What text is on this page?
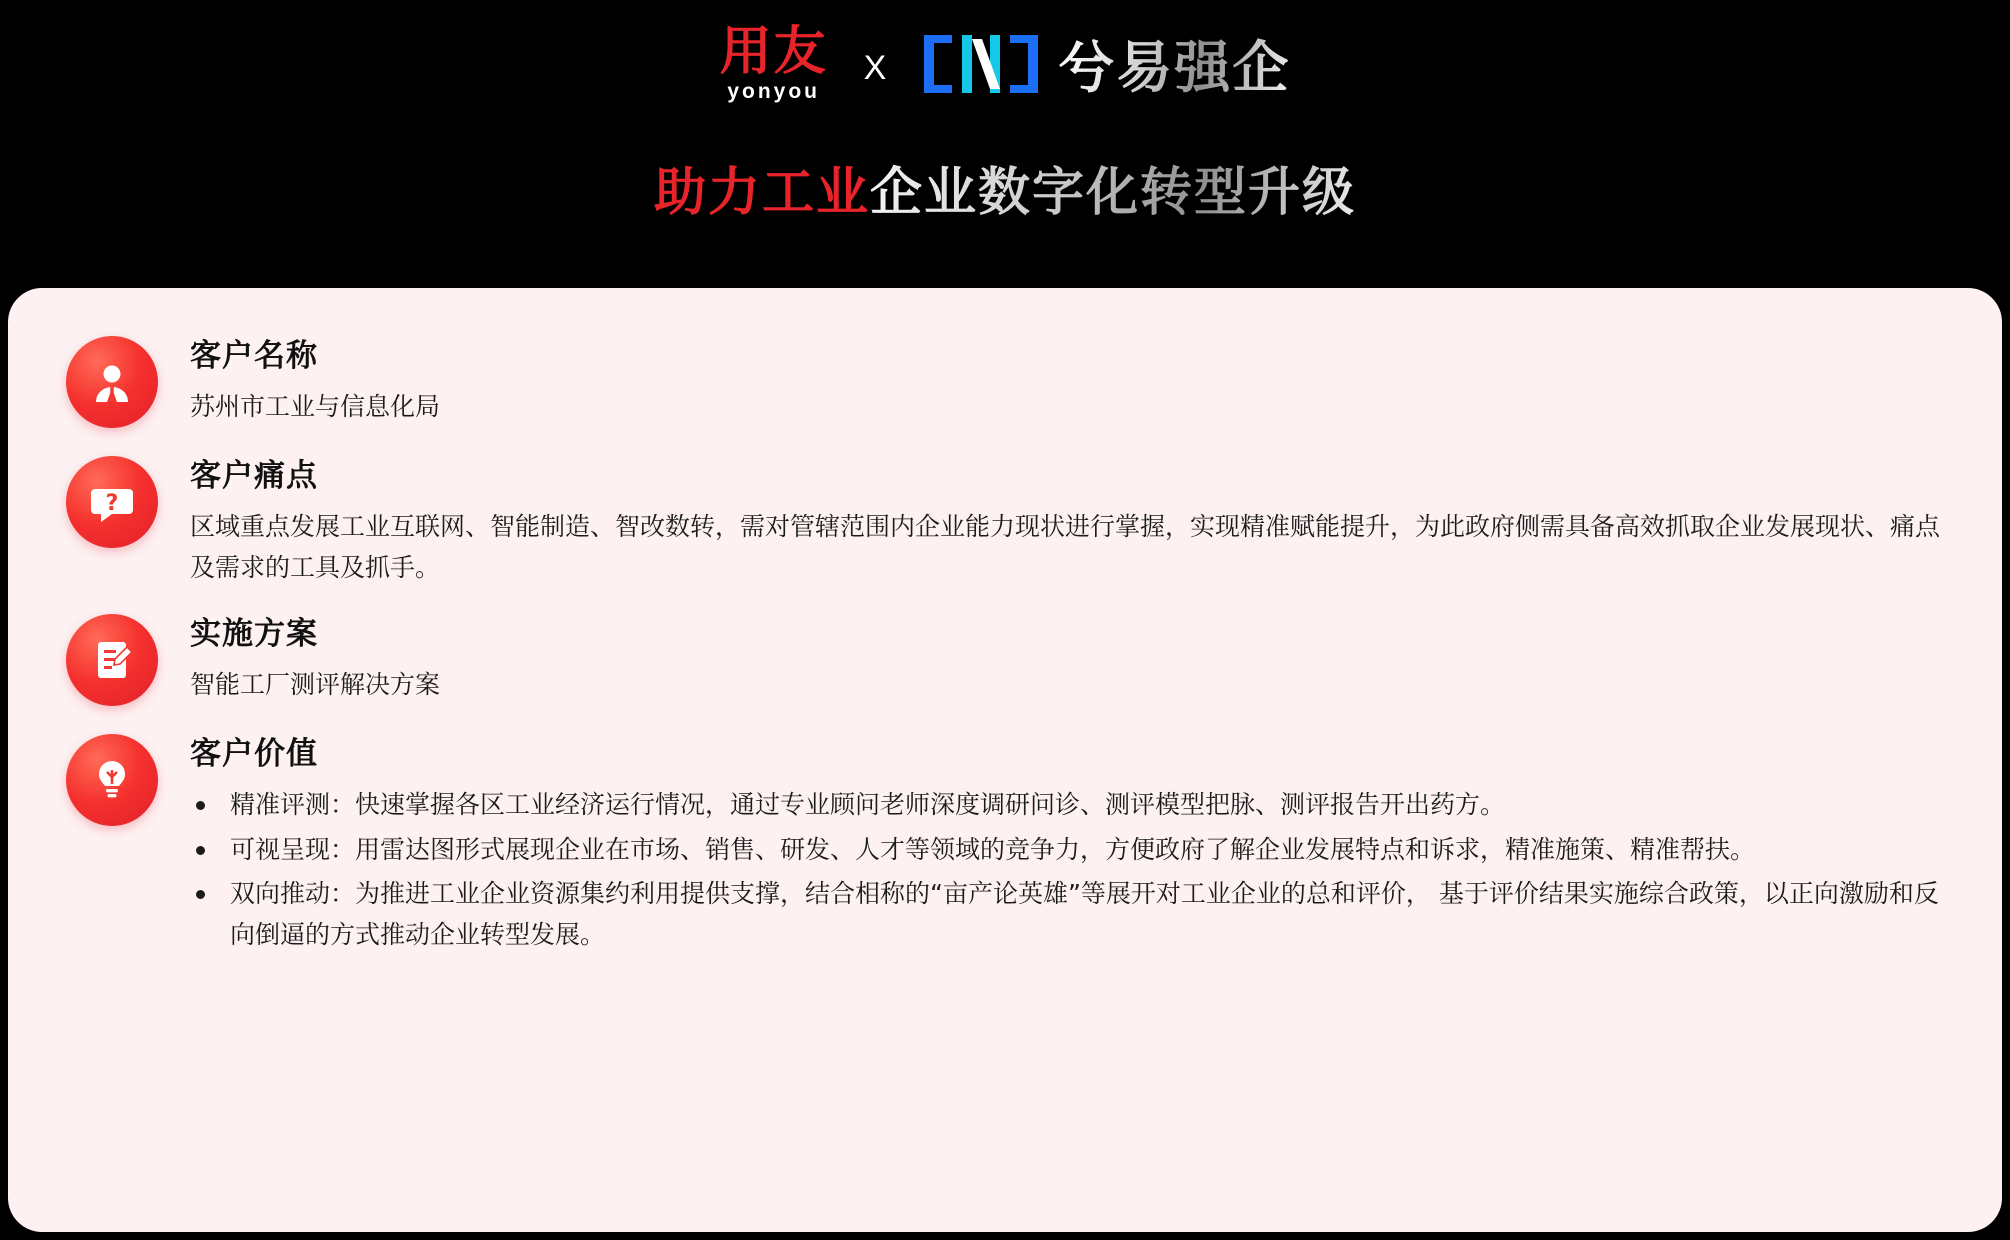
用友
yonyou
X	兮易强企
助力工业企业数字化转型升级
客户名称
苏州市工业与信息化局
?
客户痛点
区域重点发展工业互联网、智能制造、智改数转，需对管辖范围内企业能力现状进行掌握，实现精准赋能提升，为此政府侧需具备高效抓取企业发展现状、痛点及需求的工具及抓手。
实施方案
智能工厂测评解决方案
客户价值
精准评测：快速掌握各区工业经济运行情况，通过专业顾问老师深度调研问诊、测评模型把脉、测评报告开出药方。
可视呈现：用雷达图形式展现企业在市场、销售、研发、人才等领域的竞争力，方便政府了解企业发展特点和诉求，精准施策、精准帮扶。
双向推动：为推进工业企业资源集约利用提供支撑，结合相称的“亩产论英雄”等展开对工业企业的总和评价， 基于评价结果实施综合政策，以正向激励和反向倒逼的方式推动企业转型发展。
